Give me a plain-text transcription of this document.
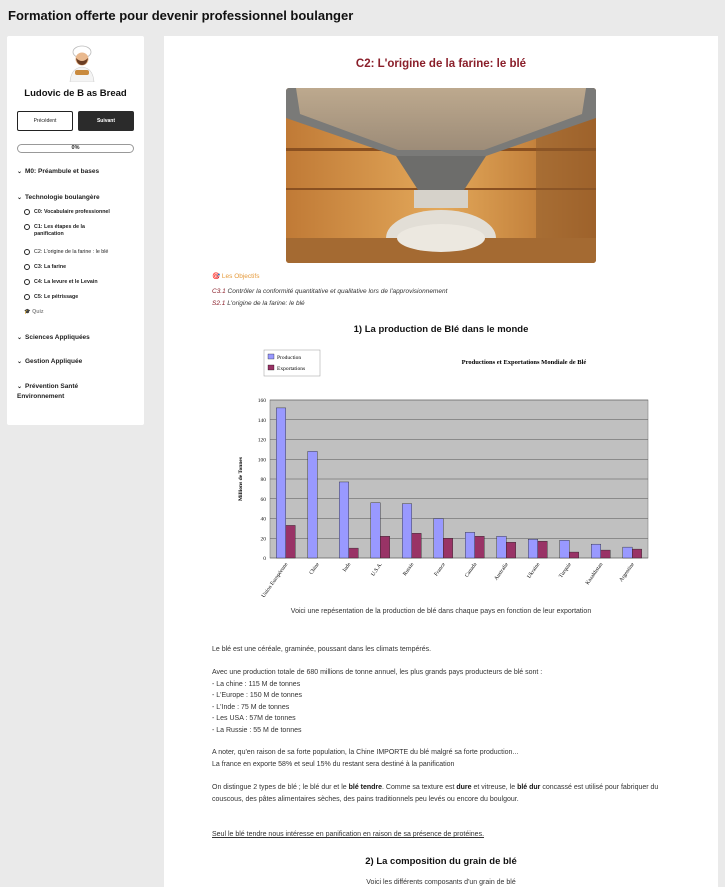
Formation offerte pour devenir professionnel boulanger
Ludovic de B as Bread
Précédent	Suivant
0%
⌄ M0: Préambule et bases
⌄ Technologie boulangère
C0: Vocabulaire professionnel
C1: Les étapes de la panification
C2: L'origine de la farine : le blé
C3: La farine
C4: La levure et le Levain
C5: Le pétrissage
🎓 Quiz
⌄ Sciences Appliquées
⌄ Gestion Appliquée
⌄ Prévention Santé Environnement
C2: L'origine de la farine: le blé
🎯 Les Objectifs
C3.1 Contrôler la conformité quantitative et qualitative lors de l'approvisionnement
S2.1 L'origine de la farine: le blé
1) La production de Blé dans le monde
0
20
40
60
80
100
120
140
160
Millions de Tonnes
Productions et Exportations Mondiale de Blé
Production
Exportations
Union Européenne	Chine	Inde	U.S.A.	Russie	France	Canada	Australie	Ukraine	Turquie Kazakhstan	Argentine
Voici une repésentation de la production de blé dans chaque pays en fonction de leur exportation
Le blé est une céréale, graminée, poussant dans les climats tempérés.
Avec une production totale de 680 millions de tonne annuel, les plus grands pays producteurs de blé sont :
- La chine : 115 M de tonnes
- L'Europe : 150 M de tonnes
- L'Inde : 75 M de tonnes
- Les USA : 57M de tonnes
- La Russie : 55 M de tonnes
A noter, qu'en raison de sa forte population, la Chine IMPORTE du blé malgré sa forte production...
La france en exporte 58% et seul 15% du restant sera destiné à la panification
On distingue 2 types de blé ; le blé dur et le blé tendre. Comme sa texture est dure et vitreuse, le blé dur concassé est utilisé pour fabriquer du couscous, des pâtes alimentaires sèches, des pains traditionnels peu levés ou encore du boulgour.
Seul le blé tendre nous intéresse en panification en raison de sa présence de protéines.
2) La composition du grain de blé
Voici les différents composants d'un grain de blé
